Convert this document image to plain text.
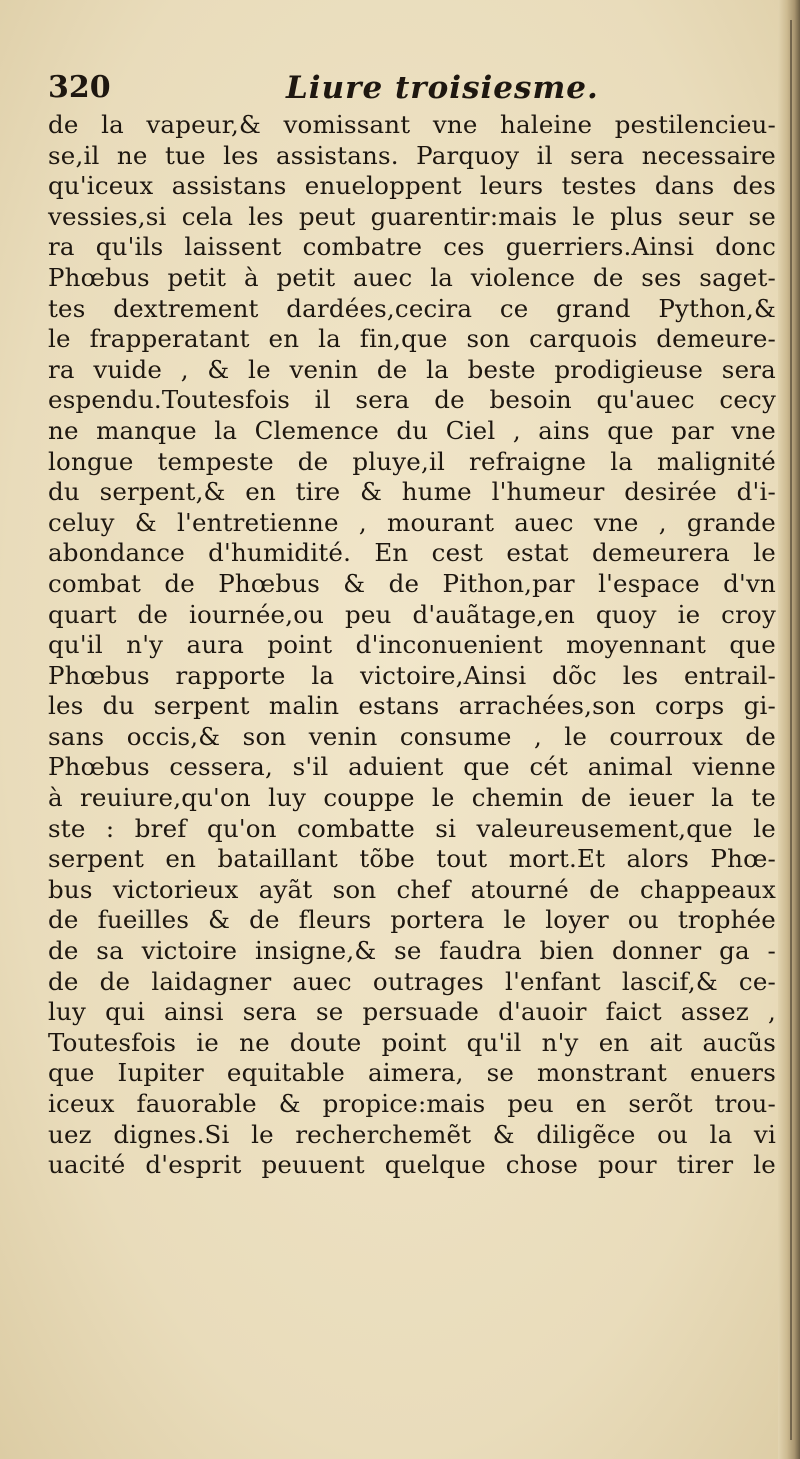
320	Liure troisiesme.
de la vapeur,& vomissant vne haleine pestilencieu-
se,il ne tue les assistans. Parquoy il sera necessaire
qu'iceux assistans enueloppent leurs testes dans des
vessies,si cela les peut guarentir:mais le plus seur se
ra qu'ils laissent combatre ces guerriers.Ainsi donc
Phœbus petit à petit auec la violence de ses saget-
tes dextrement dardées,cecira ce grand Python,&
le frapperatant en la fin,que son carquois demeure-
ra vuide , & le venin de la beste prodigieuse sera
espendu.Toutesfois il sera de besoin qu'auec cecy
ne manque la Clemence du Ciel , ains que par vne
longue tempeste de pluye,il refraigne la malignité
du serpent,& en tire & hume l'humeur desirée d'i-
celuy & l'entretienne , mourant auec vne , grande
abondance d'humidité. En cest estat demeurera le
combat de Phœbus & de Pithon,par l'espace d'vn
quart de iournée,ou peu d'auãtage,en quoy ie croy
qu'il n'y aura point d'inconuenient moyennant que
Phœbus rapporte la victoire,Ainsi dõc les entrail-
les du serpent malin estans arrachées,son corps gi-
sans occis,& son venin consume , le courroux de
Phœbus cessera, s'il aduient que cét animal vienne
à reuiure,qu'on luy couppe le chemin de ieuer la te
ste : bref qu'on combatte si valeureusement,que le
serpent en bataillant tõbe tout mort.Et alors Phœ-
bus victorieux ayãt son chef atourné de chappeaux
de fueilles & de fleurs portera le loyer ou trophée
de sa victoire insigne,& se faudra bien donner ga -
de de laidagner auec outrages l'enfant lascif,& ce-
luy qui ainsi sera se persuade d'auoir faict assez ,
Toutesfois ie ne doute point qu'il n'y en ait aucũs
que Iupiter equitable aimera, se monstrant enuers
iceux fauorable & propice:mais peu en serõt trou-
uez dignes.Si le recherchemẽt & diligẽce ou la vi
uacité d'esprit peuuent quelque chose pour tirer le
